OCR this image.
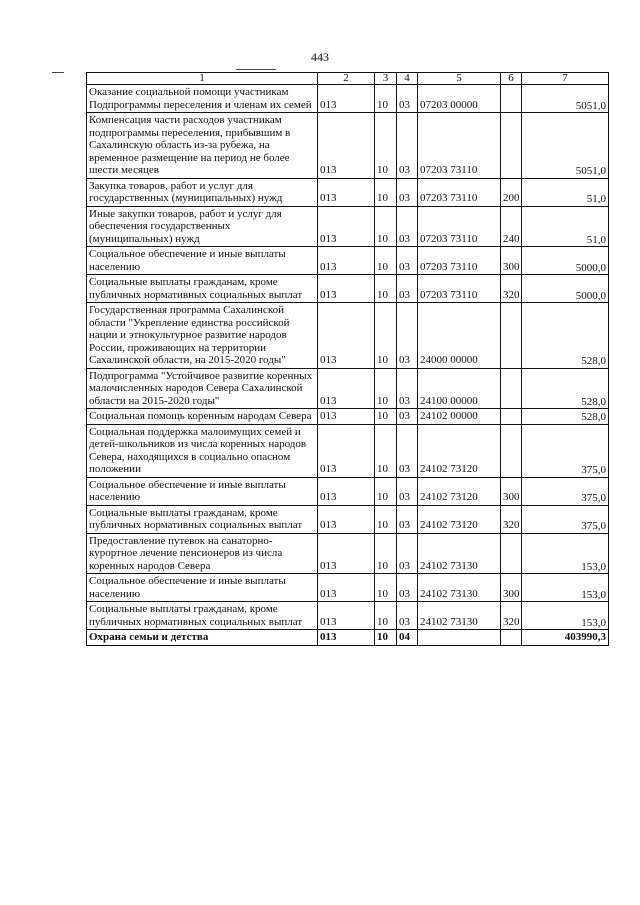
443
1	2	3	4	5	6	7
Оказание социальной помощи участникам Подпрограммы переселения и членам их семей	013	10	03	07203 00000		5051,0
Компенсация части расходов участникам подпрограммы переселения, прибывшим в Сахалинскую область из-за рубежа, на временное размещение на период не более шести месяцев	013	10	03	07203 73110		5051,0
Закупка товаров, работ и услуг для государственных (муниципальных) нужд	013	10	03	07203 73110	200	51,0
Иные закупки товаров, работ и услуг для обеспечения государственных (муниципальных) нужд	013	10	03	07203 73110	240	51,0
Социальное обеспечение и иные выплаты населению	013	10	03	07203 73110	300	5000,0
Социальные выплаты гражданам, кроме публичных нормативных социальных выплат	013	10	03	07203 73110	320	5000,0
Государственная программа Сахалинской области "Укрепление единства российской нации и этнокультурное развитие народов России, проживающих на территории Сахалинской области, на 2015-2020 годы"	013	10	03	24000 00000		528,0
Подпрограмма "Устойчивое развитие коренных малочисленных народов Севера Сахалинской области на 2015-2020 годы"	013	10	03	24100 00000		528,0
Социальная помощь коренным народам Севера	013	10	03	24102 00000		528,0
Социальная поддержка малоимущих семей и детей-школьников из числа коренных народов Севера, находящихся в социально опасном положении	013	10	03	24102 73120		375,0
Социальное обеспечение и иные выплаты населению	013	10	03	24102 73120	300	375,0
Социальные выплаты гражданам, кроме публичных нормативных социальных выплат	013	10	03	24102 73120	320	375,0
Предоставление путевок на санаторно-курортное лечение пенсионеров из числа коренных народов Севера	013	10	03	24102 73130		153,0
Социальное обеспечение и иные выплаты населению	013	10	03	24102 73130	300	153,0
Социальные выплаты гражданам, кроме публичных нормативных социальных выплат	013	10	03	24102 73130	320	153,0
Охрана семьи и детства	013	10	04			403990,3
